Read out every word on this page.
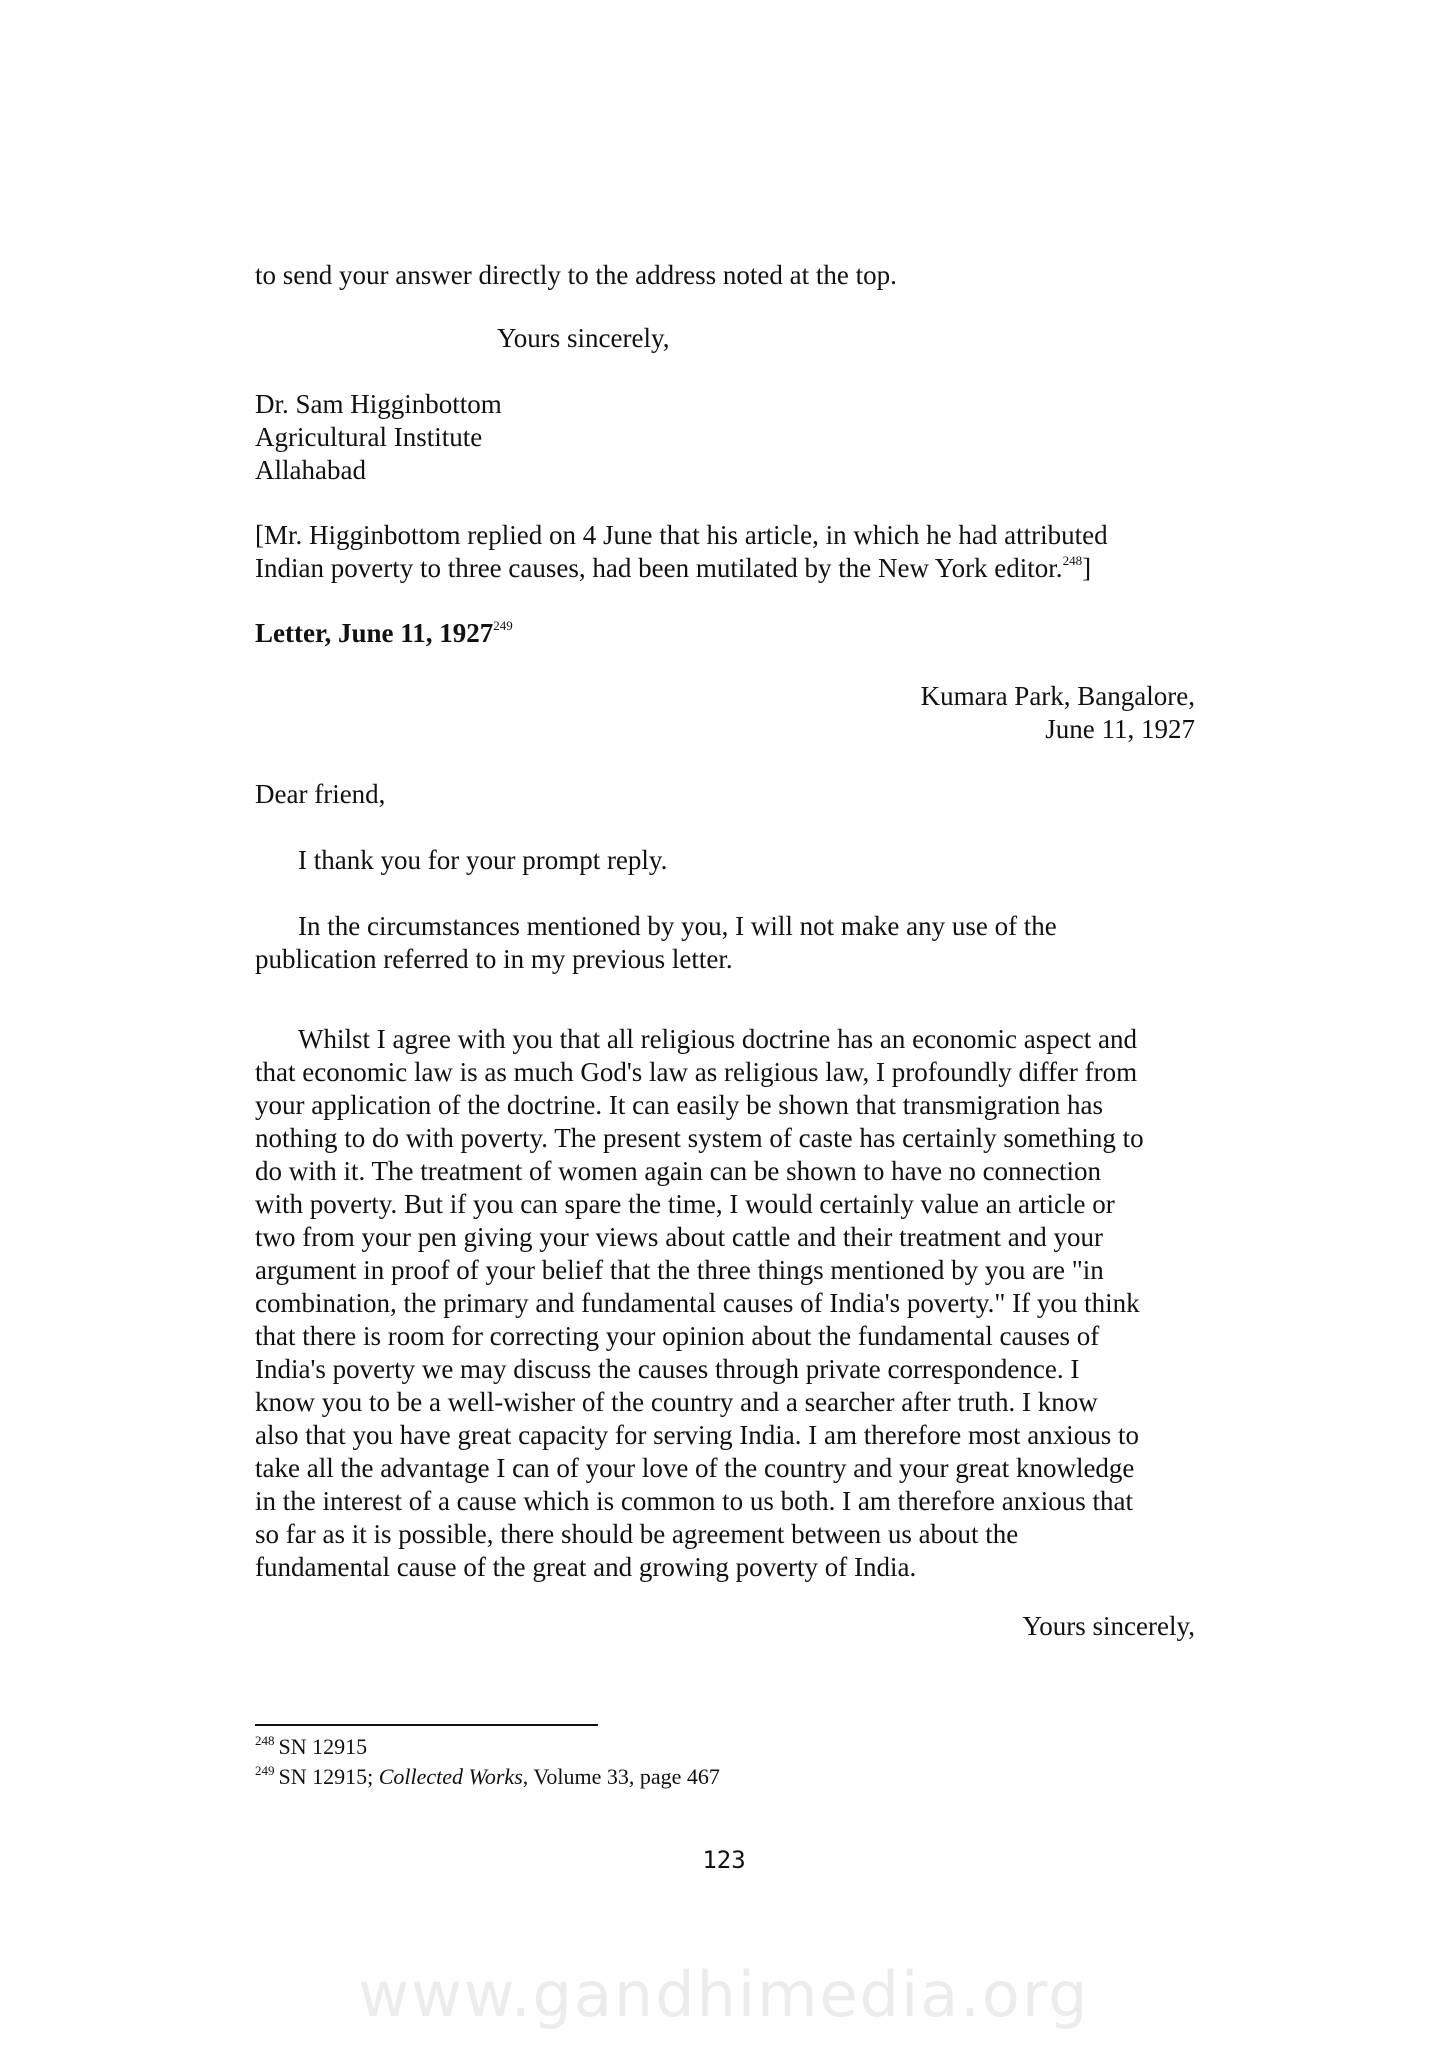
to send your answer directly to the address noted at the top.

Yours sincerely,

Dr. Sam Higginbottom
Agricultural Institute
Allahabad

[Mr. Higginbottom replied on 4 June that his article, in which he had attributed
Indian poverty to three causes, had been mutilated by the New York editor.$^{248}$]

Letter, June 11, 1927$^{249}$

Kumara Park, Bangalore,
June 11, 1927

Dear friend,

I thank you for your prompt reply.

In the circumstances mentioned by you, I will not make any use of the
publication referred to in my previous letter.

Whilst I agree with you that all religious doctrine has an economic aspect and
that economic law is as much God's law as religious law, I profoundly differ from
your application of the doctrine. It can easily be shown that transmigration has
nothing to do with poverty. The present system of caste has certainly something to
do with it. The treatment of women again can be shown to have no connection
with poverty. But if you can spare the time, I would certainly value an article or
two from your pen giving your views about cattle and their treatment and your
argument in proof of your belief that the three things mentioned by you are "in
combination, the primary and fundamental causes of India's poverty." If you think
that there is room for correcting your opinion about the fundamental causes of
India's poverty we may discuss the causes through private correspondence. I
know you to be a well-wisher of the country and a searcher after truth. I know
also that you have great capacity for serving India. I am therefore most anxious to
take all the advantage I can of your love of the country and your great knowledge
in the interest of a cause which is common to us both. I am therefore anxious that
so far as it is possible, there should be agreement between us about the
fundamental cause of the great and growing poverty of India.

Yours sincerely,

$^{248}$ SN 12915
$^{249}$ SN 12915; Collected Works, Volume 33, page 467
123
www.gandhimedia.org
